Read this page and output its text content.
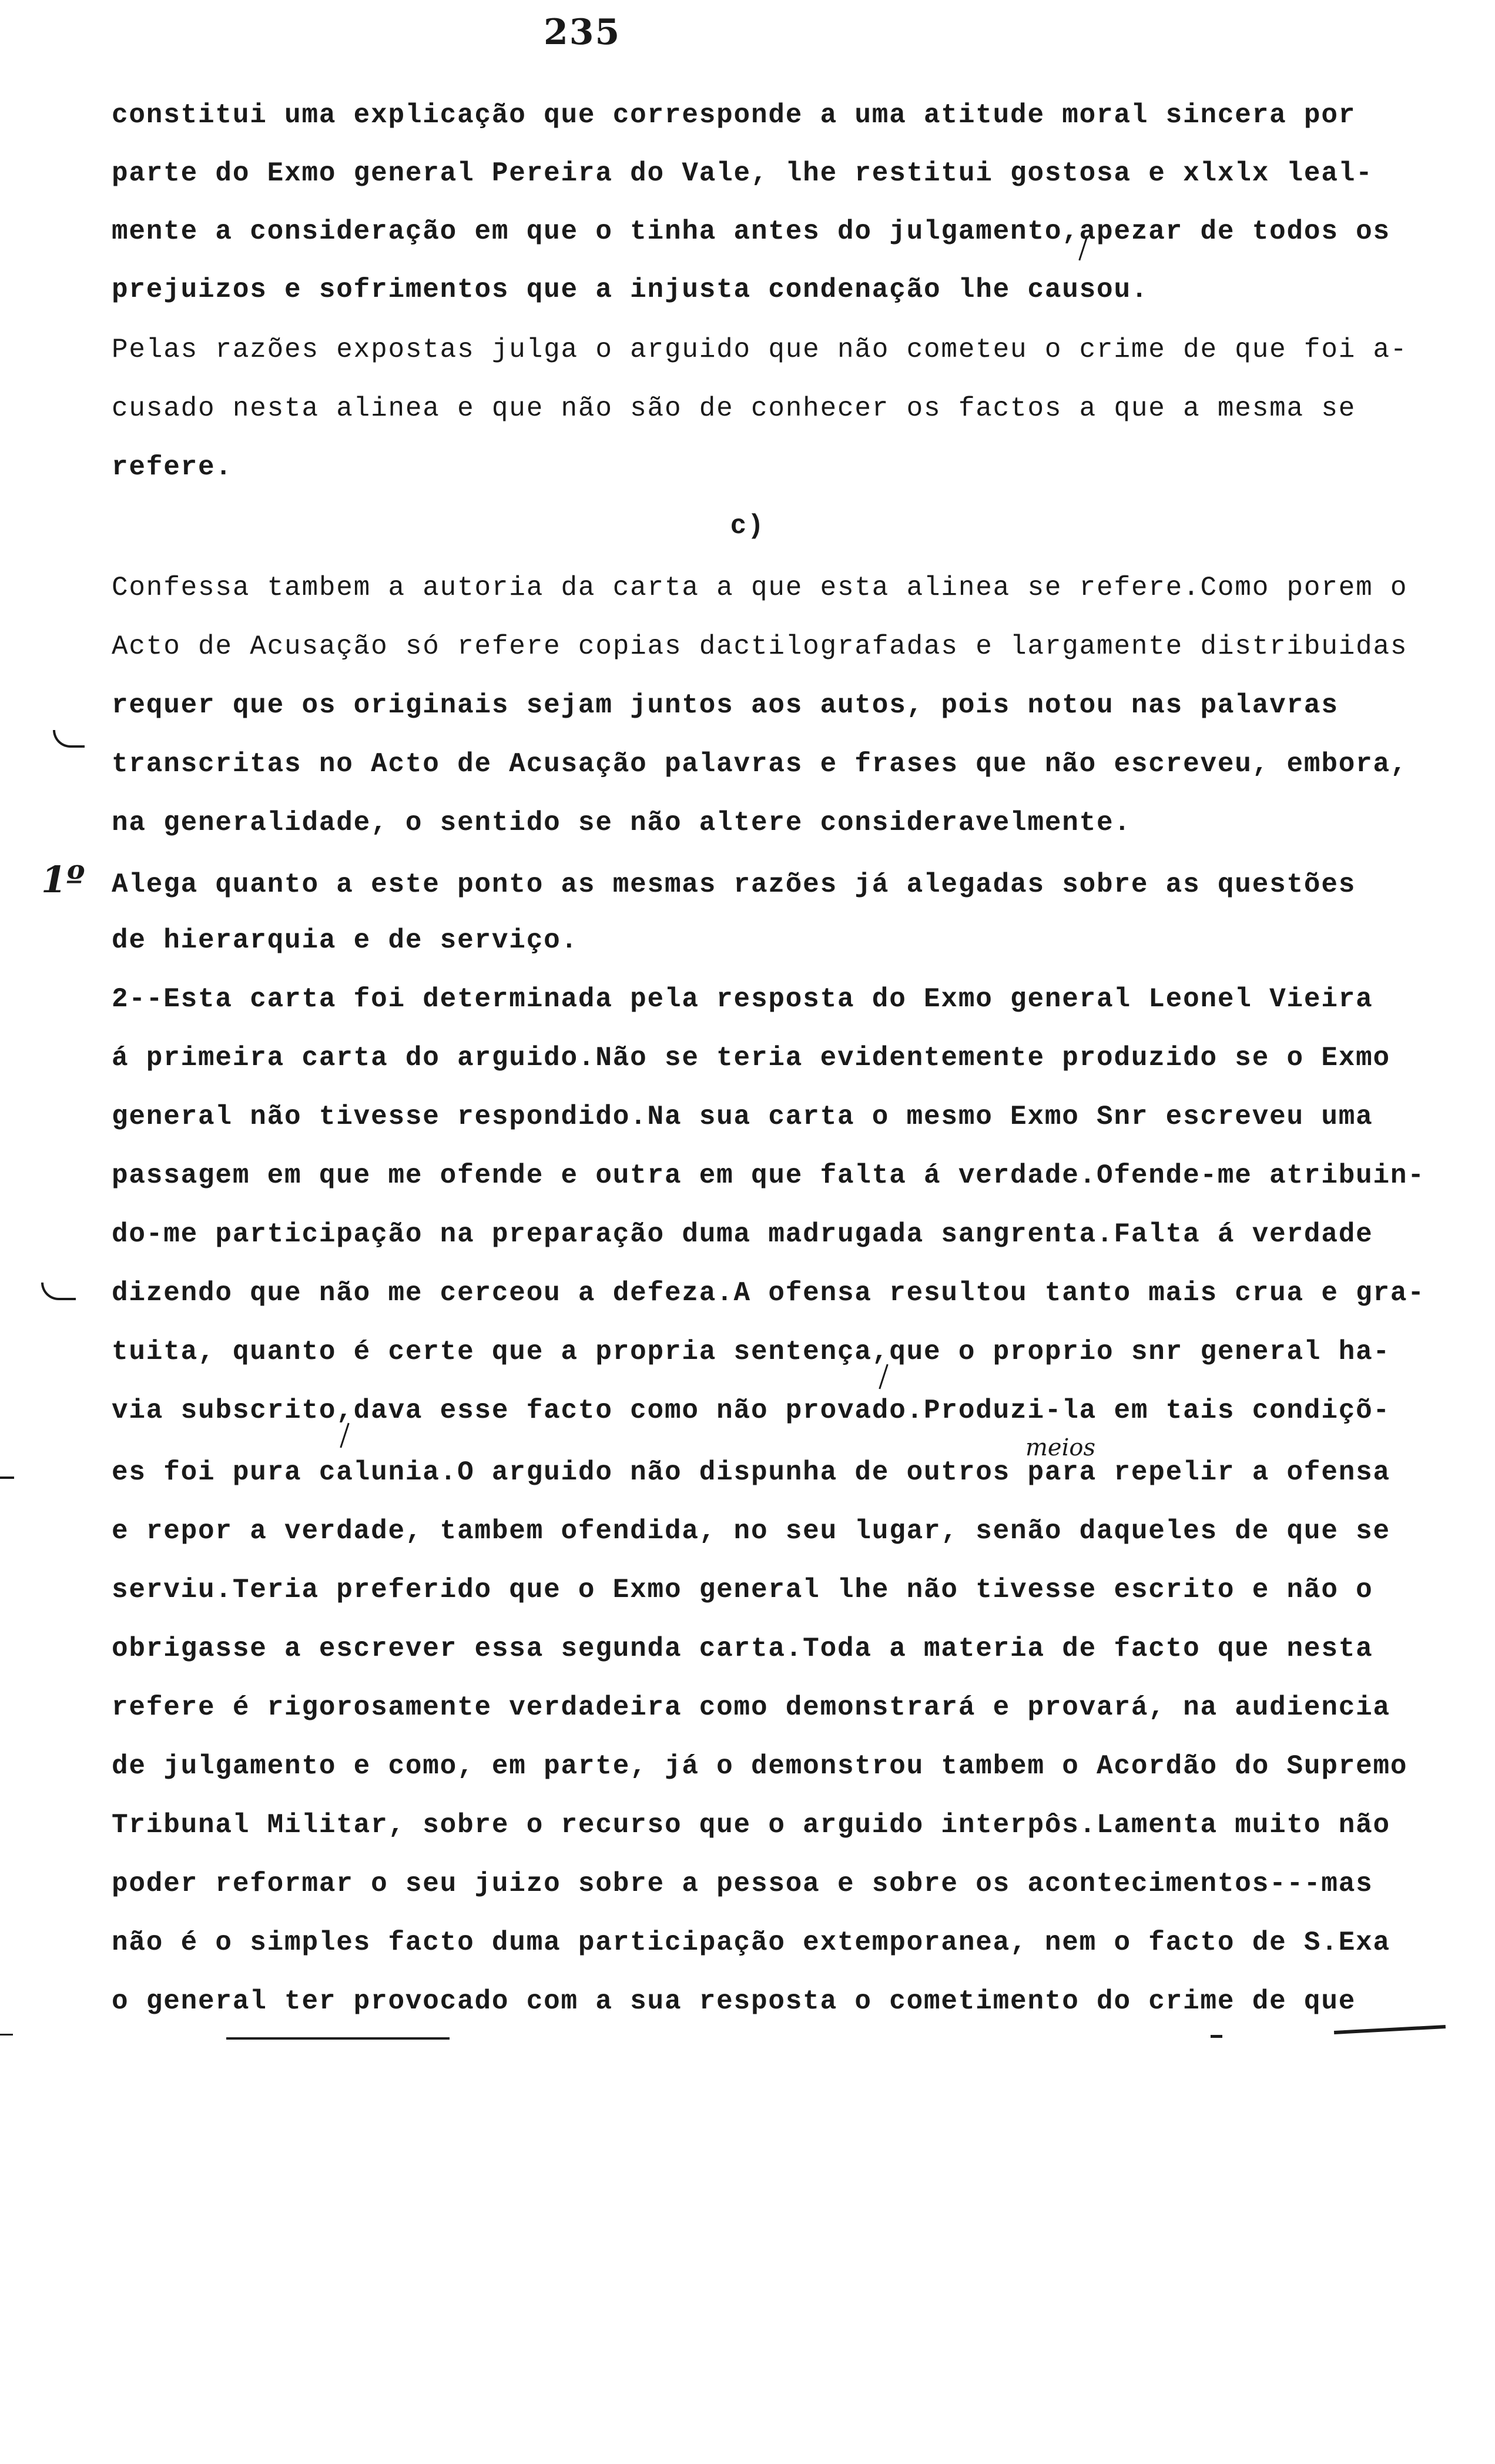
235
constitui uma explicação que corresponde a uma atitude moral sincera por
parte do Exmo general Pereira do Vale, lhe restitui gostosa e xlxlx leal-
mente a consideração em que o tinha antes do julgamento,apezar de todos os
prejuizos e sofrimentos que a injusta condenação lhe causou.
Pelas razões expostas julga o arguido que não cometeu o crime de que foi a-
cusado nesta alinea e que não são de conhecer os factos a que a mesma se
refere.
c)
Confessa tambem a autoria da carta a que esta alinea se refere.Como porem o
Acto de Acusação só refere copias dactilografadas e largamente distribuidas
requer que os originais sejam juntos aos autos, pois notou nas palavras
transcritas no Acto de Acusação palavras e frases que não escreveu, embora,
na generalidade, o sentido se não altere consideravelmente.
Alega quanto a este ponto as mesmas razões já alegadas sobre as questões
de hierarquia e de serviço.
2--Esta carta foi determinada pela resposta do Exmo general Leonel Vieira
á primeira carta do arguido.Não se teria evidentemente produzido se o Exmo
general não tivesse respondido.Na sua carta o mesmo Exmo Snr escreveu uma
passagem em que me ofende e outra em que falta á verdade.Ofende-me atribuin-
do-me participação na preparação duma madrugada sangrenta.Falta á verdade
dizendo que não me cerceou a defeza.A ofensa resultou tanto mais crua e gra-
tuita, quanto é certe que a propria sentença,que o proprio snr general ha-
via subscrito,dava esse facto como não provado.Produzi-la em tais condiçõ-
es foi pura calunia.O arguido não dispunha de outros para repelir a ofensa
e repor a verdade, tambem ofendida, no seu lugar, senão daqueles de que se
serviu.Teria preferido que o Exmo general lhe não tivesse escrito e não o
obrigasse a escrever essa segunda carta.Toda a materia de facto que nesta
refere é rigorosamente verdadeira como demonstrará e provará, na audiencia
de julgamento e como, em parte, já o demonstrou tambem o Acordão do Supremo
Tribunal Militar, sobre o recurso que o arguido interpôs.Lamenta muito não
poder reformar o seu juizo sobre a pessoa e sobre os acontecimentos---mas
não é o simples facto duma participação extemporanea, nem o facto de S.Exa
o general ter provocado com a sua resposta o cometimento do crime de que
1º
meios
